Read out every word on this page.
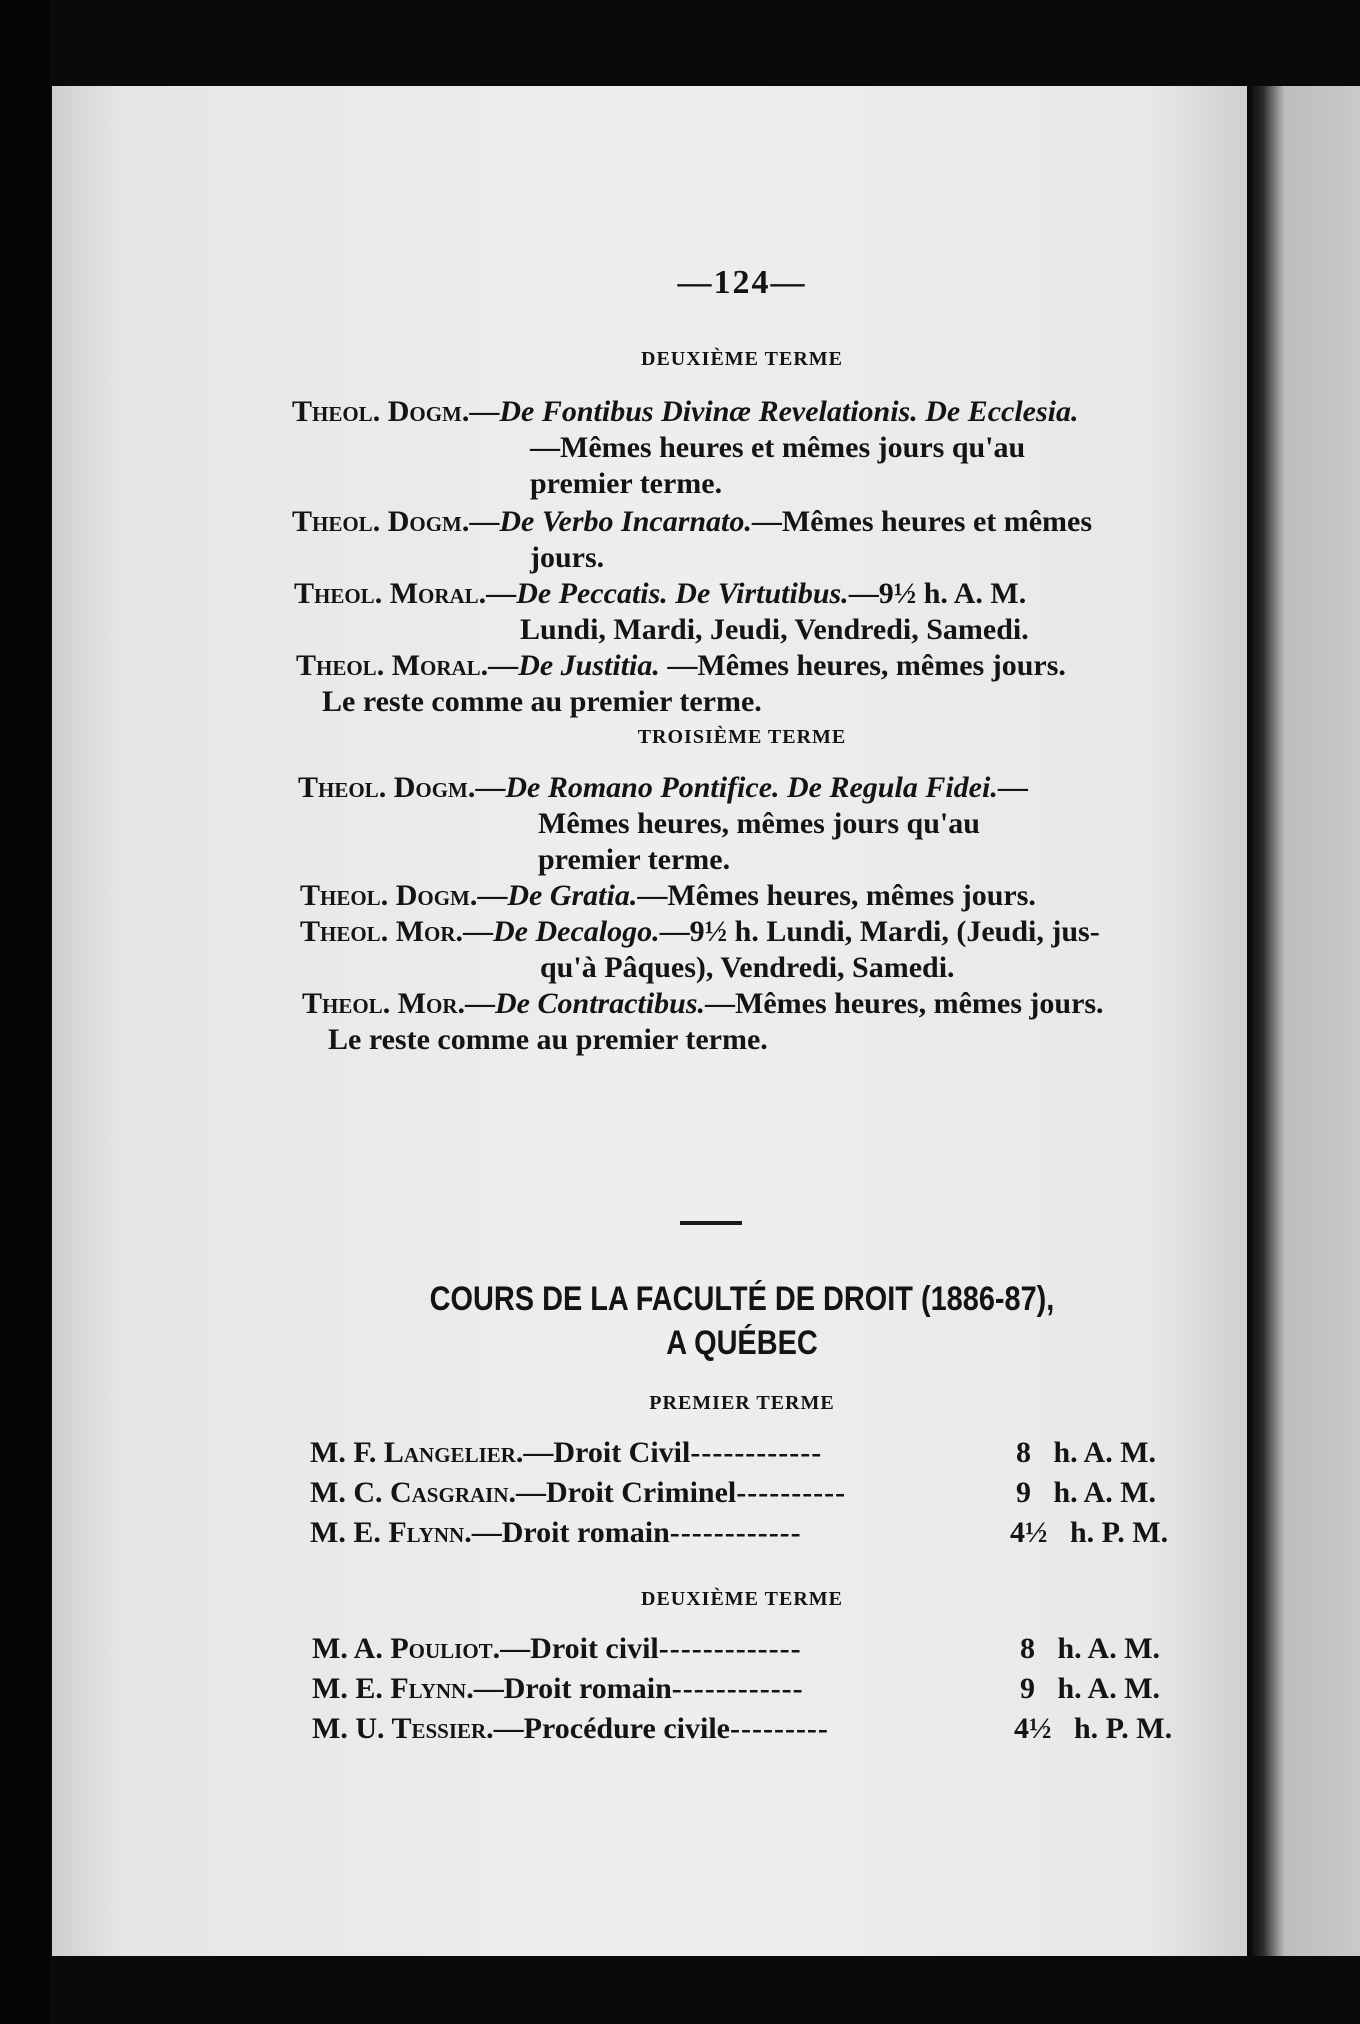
—124—
DEUXIÈME TERME
Theol. Dogm.—De Fontibus Divinæ Revelationis. De Ecclesia.
—Mêmes heures et mêmes jours qu'au
premier terme.
Theol. Dogm.—De Verbo Incarnato.—Mêmes heures et mêmes
jours.
Theol. Moral.—De Peccatis. De Virtutibus.—9½ h. A. M.
Lundi, Mardi, Jeudi, Vendredi, Samedi.
Theol. Moral.—De Justitia. —Mêmes heures, mêmes jours.
Le reste comme au premier terme.
TROISIÈME TERME
Theol. Dogm.—De Romano Pontifice. De Regula Fidei.—
Mêmes heures, mêmes jours qu'au
premier terme.
Theol. Dogm.—De Gratia.—Mêmes heures, mêmes jours.
Theol. Mor.—De Decalogo.—9½ h. Lundi, Mardi, (Jeudi, jus-
qu'à Pâques), Vendredi, Samedi.
Theol. Mor.—De Contractibus.—Mêmes heures, mêmes jours.
Le reste comme au premier terme.
COURS DE LA FACULTÉ DE DROIT (1886-87),
A QUÉBEC
PREMIER TERME
M. F. Langelier.—Droit Civil------------	8 h. A. M.
M. C. Casgrain.—Droit Criminel----------	9 h. A. M.
M. E. Flynn.—Droit romain------------	4½ h. P. M.
DEUXIÈME TERME
M. A. Pouliot.—Droit civil-------------	8 h. A. M.
M. E. Flynn.—Droit romain------------	9 h. A. M.
M. U. Tessier.—Procédure civile---------	4½ h. P. M.
